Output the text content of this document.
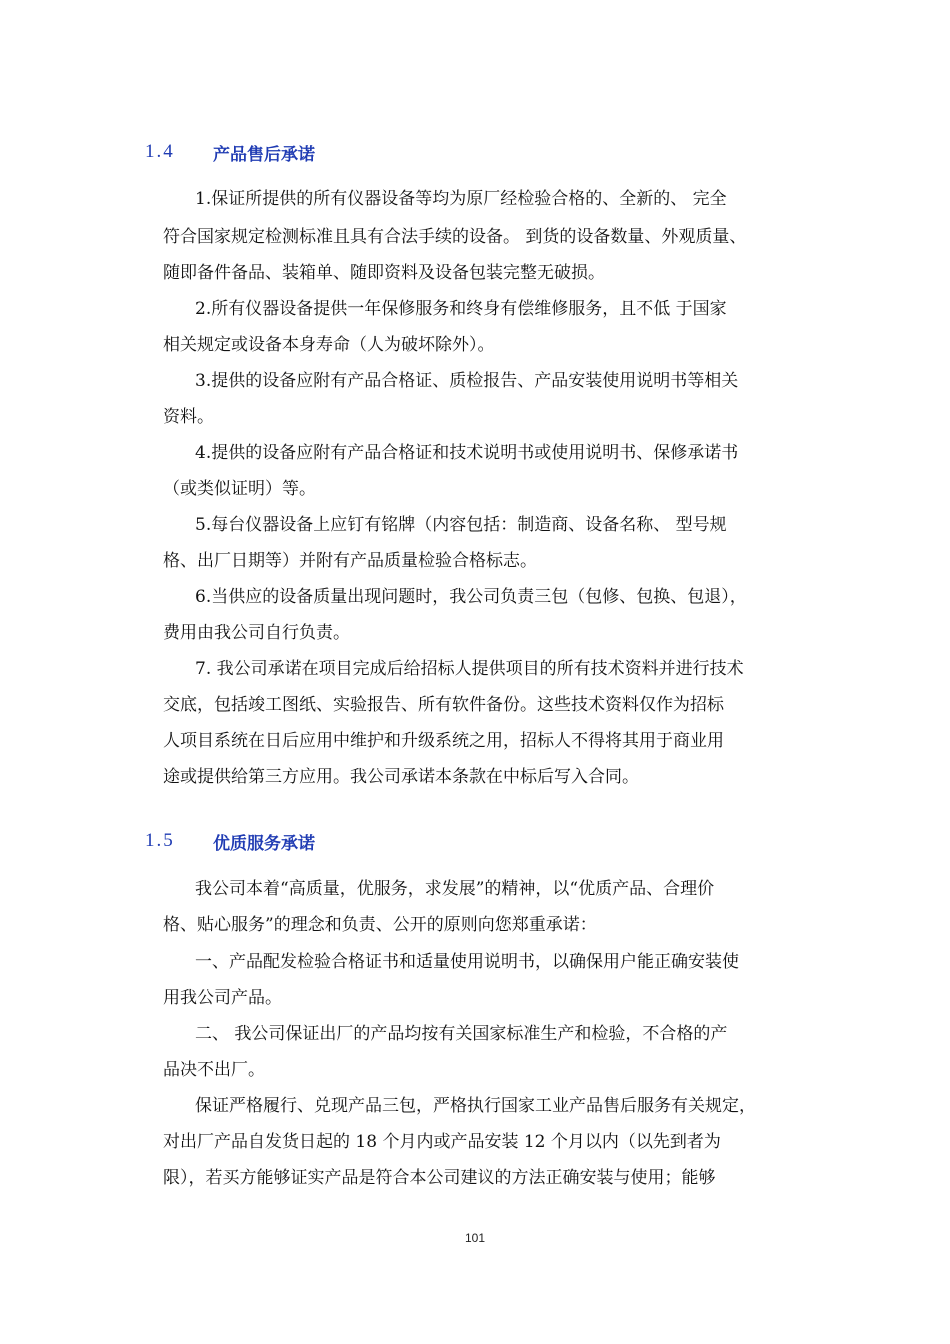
1.4	产品售后承诺
1.保证所提供的所有仪器设备等均为原厂经检验合格的、全新的、 完全
符合国家规定检测标准且具有合法手续的设备。 到货的设备数量、外观质量、
随即备件备品、装箱单、随即资料及设备包装完整无破损。
2.所有仪器设备提供一年保修服务和终身有偿维修服务，且不低 于国家
相关规定或设备本身寿命（人为破坏除外）。
3.提供的设备应附有产品合格证、质检报告、产品安装使用说明书等相关
资料。
4.提供的设备应附有产品合格证和技术说明书或使用说明书、保修承诺书
（或类似证明）等。
5.每台仪器设备上应钉有铭牌（内容包括：制造商、设备名称、 型号规
格、出厂日期等）并附有产品质量检验合格标志。
6.当供应的设备质量出现问题时，我公司负责三包（包修、包换、包退），
费用由我公司自行负责。
7. 我公司承诺在项目完成后给招标人提供项目的所有技术资料并进行技术
交底，包括竣工图纸、实验报告、所有软件备份。这些技术资料仅作为招标
人项目系统在日后应用中维护和升级系统之用，招标人不得将其用于商业用
途或提供给第三方应用。我公司承诺本条款在中标后写入合同。
1.5	优质服务承诺
我公司本着“高质量，优服务，求发展”的精神，以“优质产品、合理价
格、贴心服务”的理念和负责、公开的原则向您郑重承诺：
一、产品配发检验合格证书和适量使用说明书，以确保用户能正确安装使
用我公司产品。
二、 我公司保证出厂的产品均按有关国家标准生产和检验，不合格的产
品决不出厂。
保证严格履行、兑现产品三包，严格执行国家工业产品售后服务有关规定，
对出厂产品自发货日起的 18 个月内或产品安装 12 个月以内（以先到者为
限），若买方能够证实产品是符合本公司建议的方法正确安装与使用；能够
101
